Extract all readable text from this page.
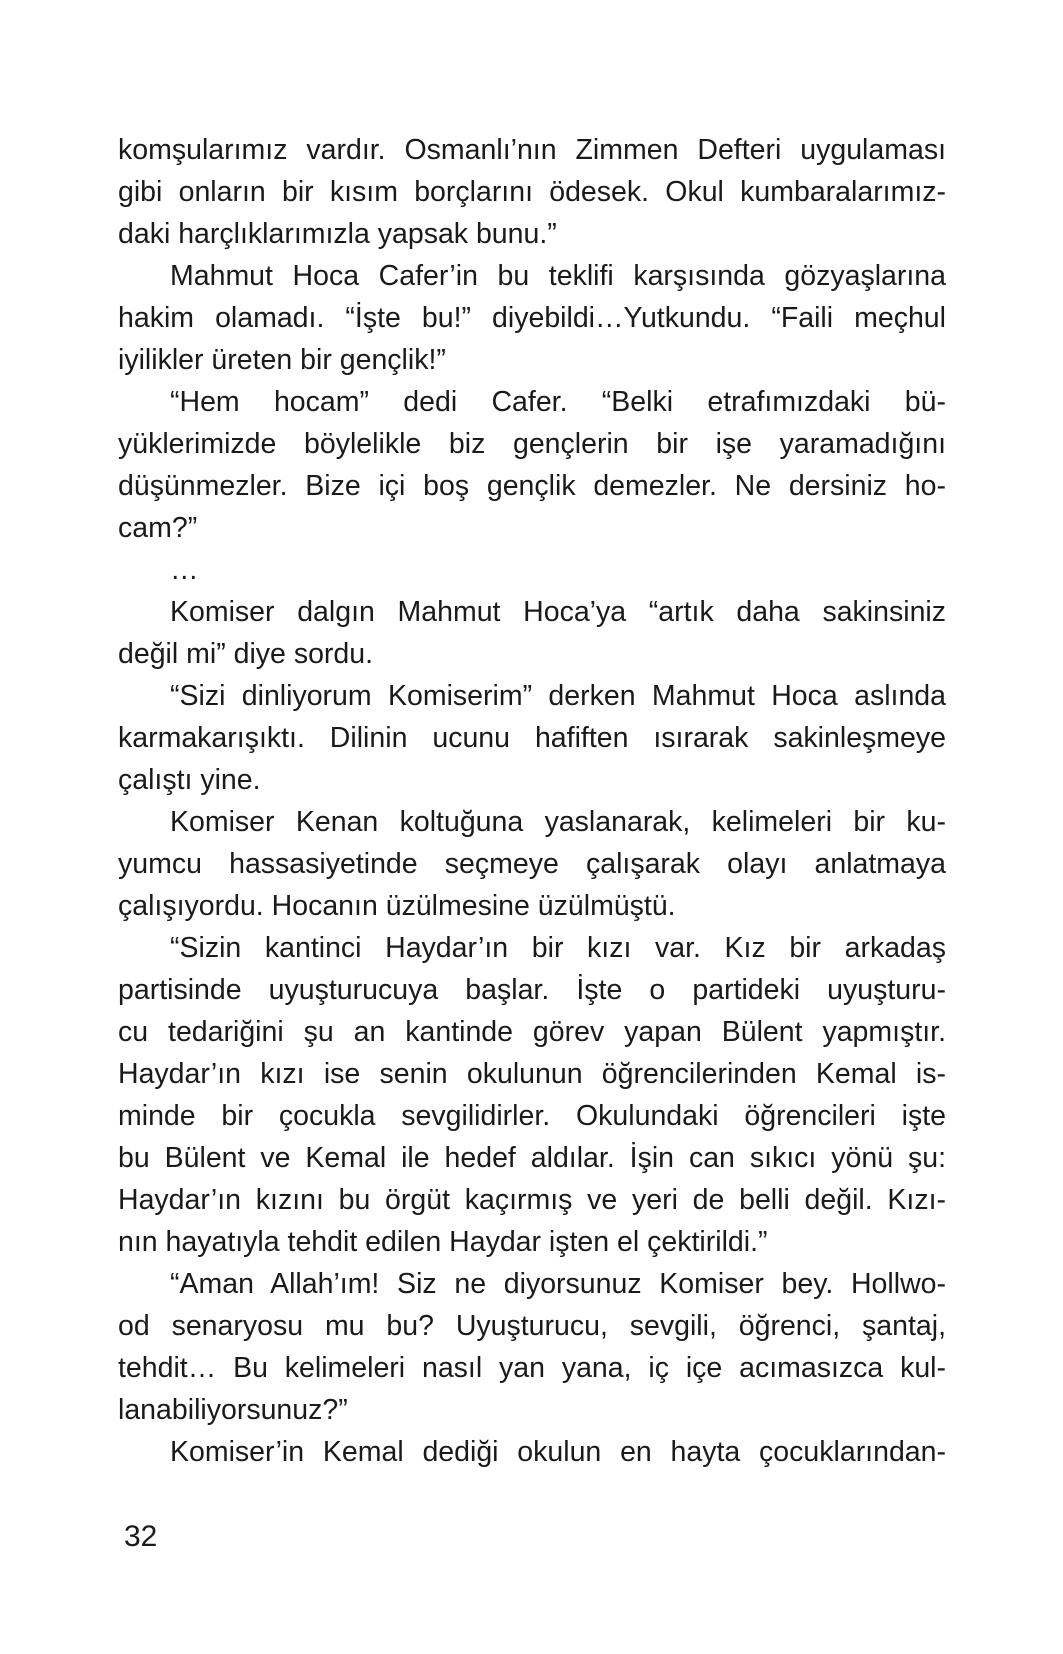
komşularımız vardır. Osmanlı’nın Zimmen Defteri uygulaması
gibi onların bir kısım borçlarını ödesek. Okul kumbaralarımız-
daki harçlıklarımızla yapsak bunu.”
Mahmut Hoca Cafer’in bu teklifi karşısında gözyaşlarına
hakim olamadı. “İşte bu!” diyebildi…Yutkundu. “Faili meçhul
iyilikler üreten bir gençlik!”
“Hem hocam” dedi Cafer. “Belki etrafımızdaki bü-
yüklerimizde böylelikle biz gençlerin bir işe yaramadığını
düşünmezler. Bize içi boş gençlik demezler. Ne dersiniz ho-
cam?”
…
Komiser dalgın Mahmut Hoca’ya “artık daha sakinsiniz
değil mi” diye sordu.
“Sizi dinliyorum Komiserim” derken Mahmut Hoca aslında
karmakarışıktı. Dilinin ucunu hafiften ısırarak sakinleşmeye
çalıştı yine.
Komiser Kenan koltuğuna yaslanarak, kelimeleri bir ku-
yumcu hassasiyetinde seçmeye çalışarak olayı anlatmaya
çalışıyordu. Hocanın üzülmesine üzülmüştü.
“Sizin kantinci Haydar’ın bir kızı var. Kız bir arkadaş
partisinde uyuşturucuya başlar. İşte o partideki uyuşturu-
cu tedariğini şu an kantinde görev yapan Bülent yapmıştır.
Haydar’ın kızı ise senin okulunun öğrencilerinden Kemal is-
minde bir çocukla sevgilidirler. Okulundaki öğrencileri işte
bu Bülent ve Kemal ile hedef aldılar. İşin can sıkıcı yönü şu:
Haydar’ın kızını bu örgüt kaçırmış ve yeri de belli değil. Kızı-
nın hayatıyla tehdit edilen Haydar işten el çektirildi.”
“Aman Allah’ım! Siz ne diyorsunuz Komiser bey. Hollwo-
od senaryosu mu bu? Uyuşturucu, sevgili, öğrenci, şantaj,
tehdit… Bu kelimeleri nasıl yan yana, iç içe acımasızca kul-
lanabiliyorsunuz?”
Komiser’in Kemal dediği okulun en hayta çocuklarından-
32
